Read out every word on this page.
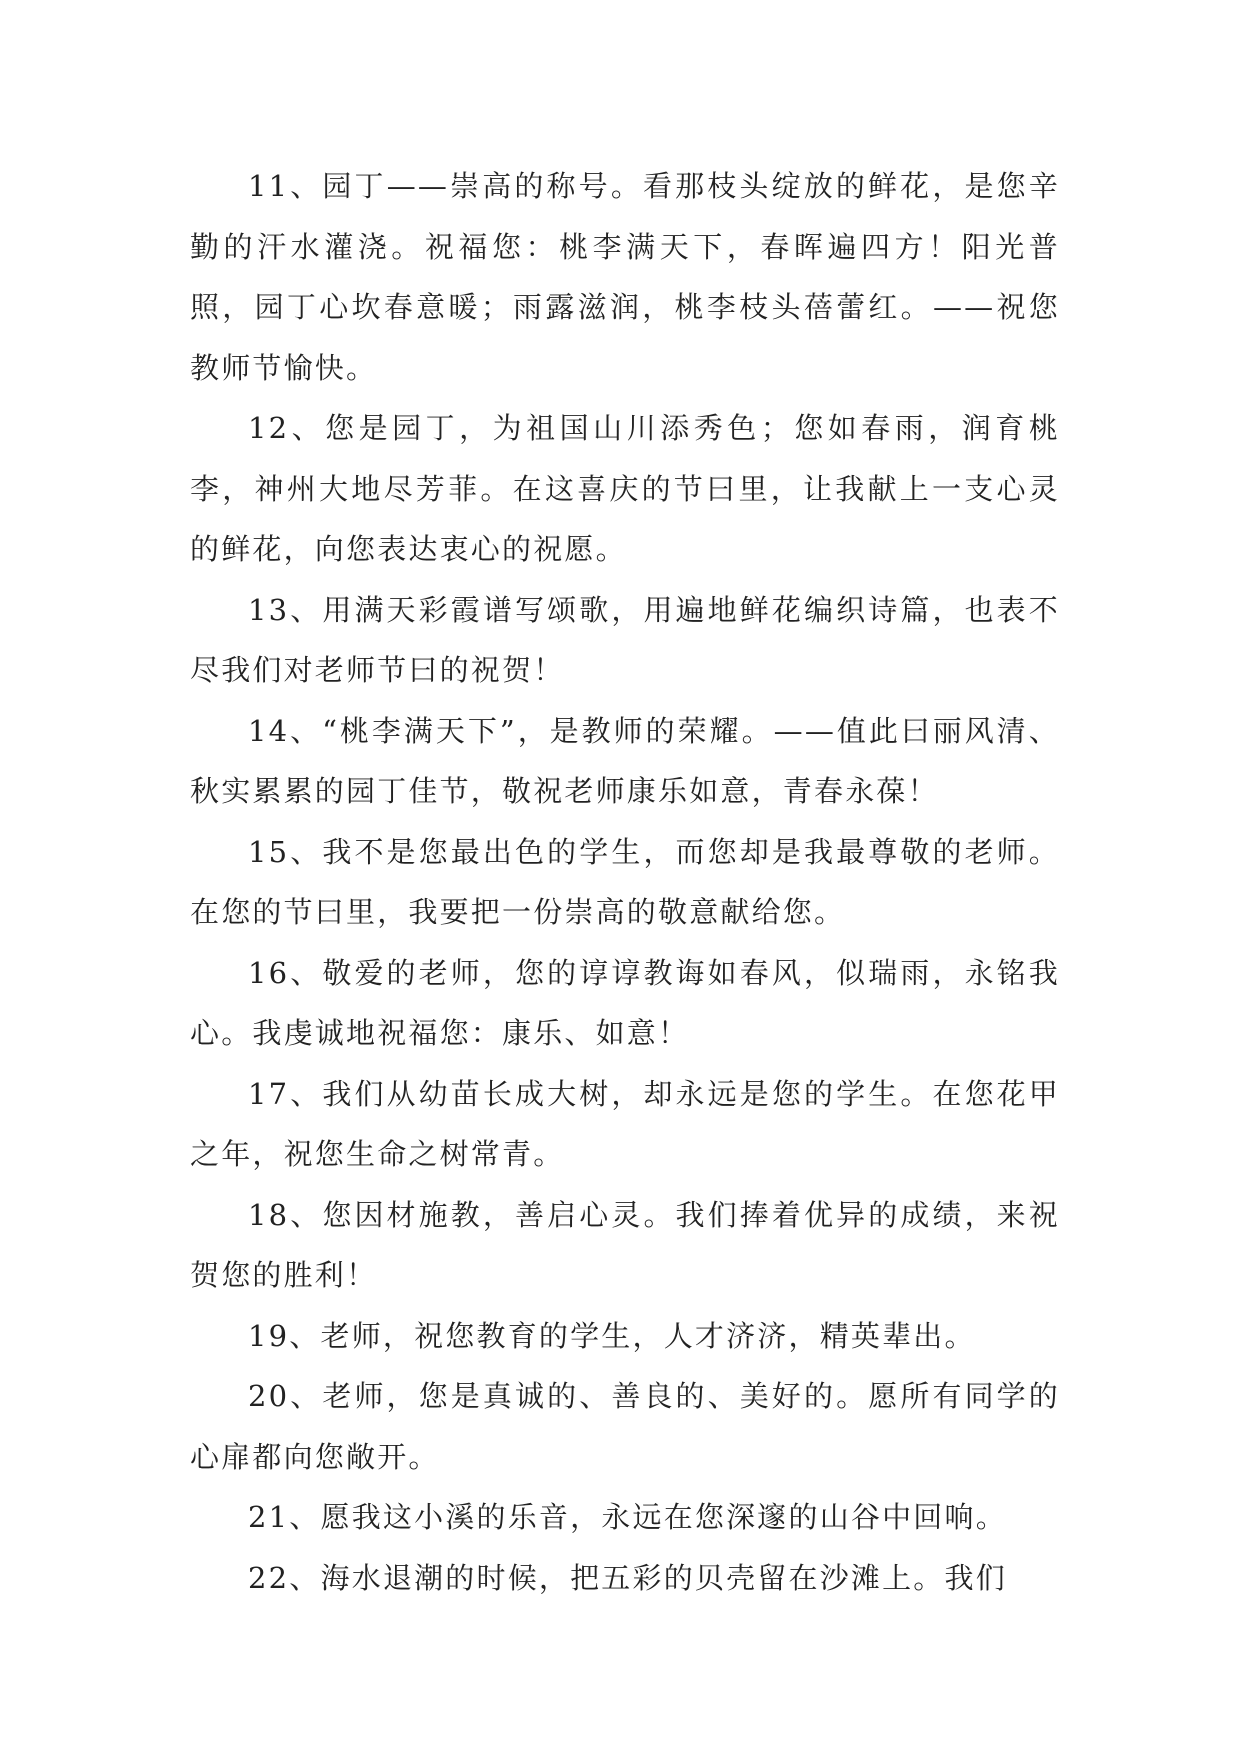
11、园丁——崇高的称号。看那枝头绽放的鲜花，是您辛勤的汗水灌浇。祝福您：桃李满天下，春晖遍四方！阳光普照，园丁心坎春意暖；雨露滋润，桃李枝头蓓蕾红。——祝您教师节愉快。

12、您是园丁，为祖国山川添秀色；您如春雨，润育桃李，神州大地尽芳菲。在这喜庆的节曰里，让我献上一支心灵的鲜花，向您表达衷心的祝愿。

13、用满天彩霞谱写颂歌，用遍地鲜花编织诗篇，也表不尽我们对老师节曰的祝贺！

14、“桃李满天下”，是教师的荣耀。——值此曰丽风清、秋实累累的园丁佳节，敬祝老师康乐如意，青春永葆！

15、我不是您最出色的学生，而您却是我最尊敬的老师。在您的节曰里，我要把一份崇高的敬意献给您。

16、敬爱的老师，您的谆谆教诲如春风，似瑞雨，永铭我心。我虔诚地祝福您：康乐、如意！

17、我们从幼苗长成大树，却永远是您的学生。在您花甲之年，祝您生命之树常青。

18、您因材施教，善启心灵。我们捧着优异的成绩，来祝贺您的胜利！

19、老师，祝您教育的学生，人才济济，精英辈出。

20、老师，您是真诚的、善良的、美好的。愿所有同学的心扉都向您敞开。

21、愿我这小溪的乐音，永远在您深邃的山谷中回响。

22、海水退潮的时候，把五彩的贝壳留在沙滩上。我们
